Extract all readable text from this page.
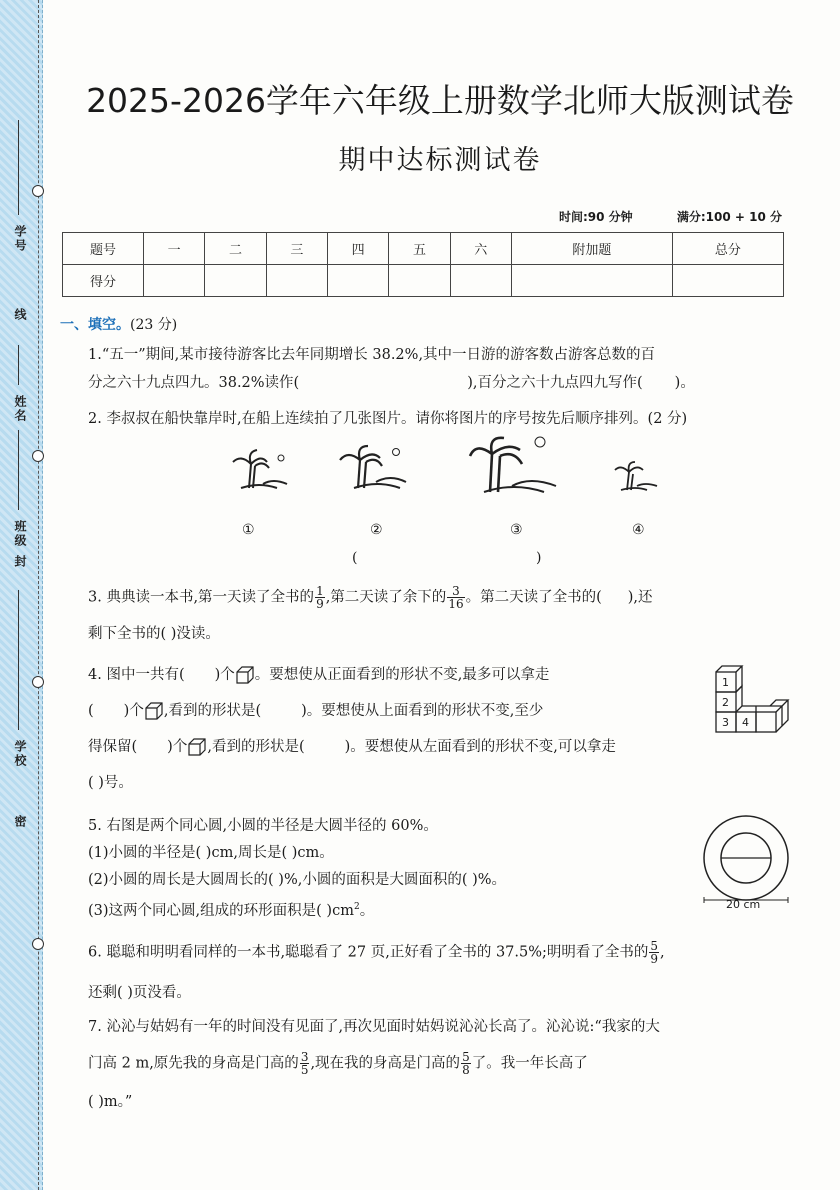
学号
线
姓名
班级
封
学校
密
2025-2026学年六年级上册数学北师大版测试卷
期中达标测试卷
时间:90 分钟	满分:100 + 10 分
题号	一	二	三	四	五	六	附加题	总分
得分								
一、填空。(23 分)
1.“五一”期间,某市接待游客比去年同期增长 38.2%,其中一日游的游客数占游客总数的百
分之六十九点四九。38.2%读作(	),百分之六十九点四九写作( )。
2. 李叔叔在船快靠岸时,在船上连续拍了几张图片。请你将图片的序号按先后顺序排列。(2 分)
①	②	③	④
(	)
3. 典典读一本书,第一天读了全书的 $\frac{1}{9}$ ,第二天读了余下的 $\frac{3}{16}$ 。第二天读了全书的( ),还
剩下全书的( )没读。
4. 图中一共有( )个 。要想使从正面看到的形状不变,最多可以拿走
( )个 ,看到的形状是(	)。要想使从上面看到的形状不变,至少
得保留( )个 ,看到的形状是(	)。要想使从左面看到的形状不变,可以拿走
( )号。
1
2
3 4
5. 右图是两个同心圆,小圆的半径是大圆半径的 60%。
(1)小圆的半径是( )cm,周长是( )cm。
(2)小圆的周长是大圆周长的( )%,小圆的面积是大圆面积的( )%。
(3)这两个同心圆,组成的环形面积是( )$cm^2$。	20 cm
6. 聪聪和明明看同样的一本书,聪聪看了 27 页,正好看了全书的 37.5%;明明看了全书的 $\frac{5}{9}$ ,
还剩( )页没看。
7. 沁沁与姑妈有一年的时间没有见面了,再次见面时姑妈说沁沁长高了。沁沁说:“我家的大
门高 2 m,原先我的身高是门高的 $\frac{3}{5}$ ,现在我的身高是门高的 $\frac{5}{8}$ 了。我一年长高了
( )m。”
